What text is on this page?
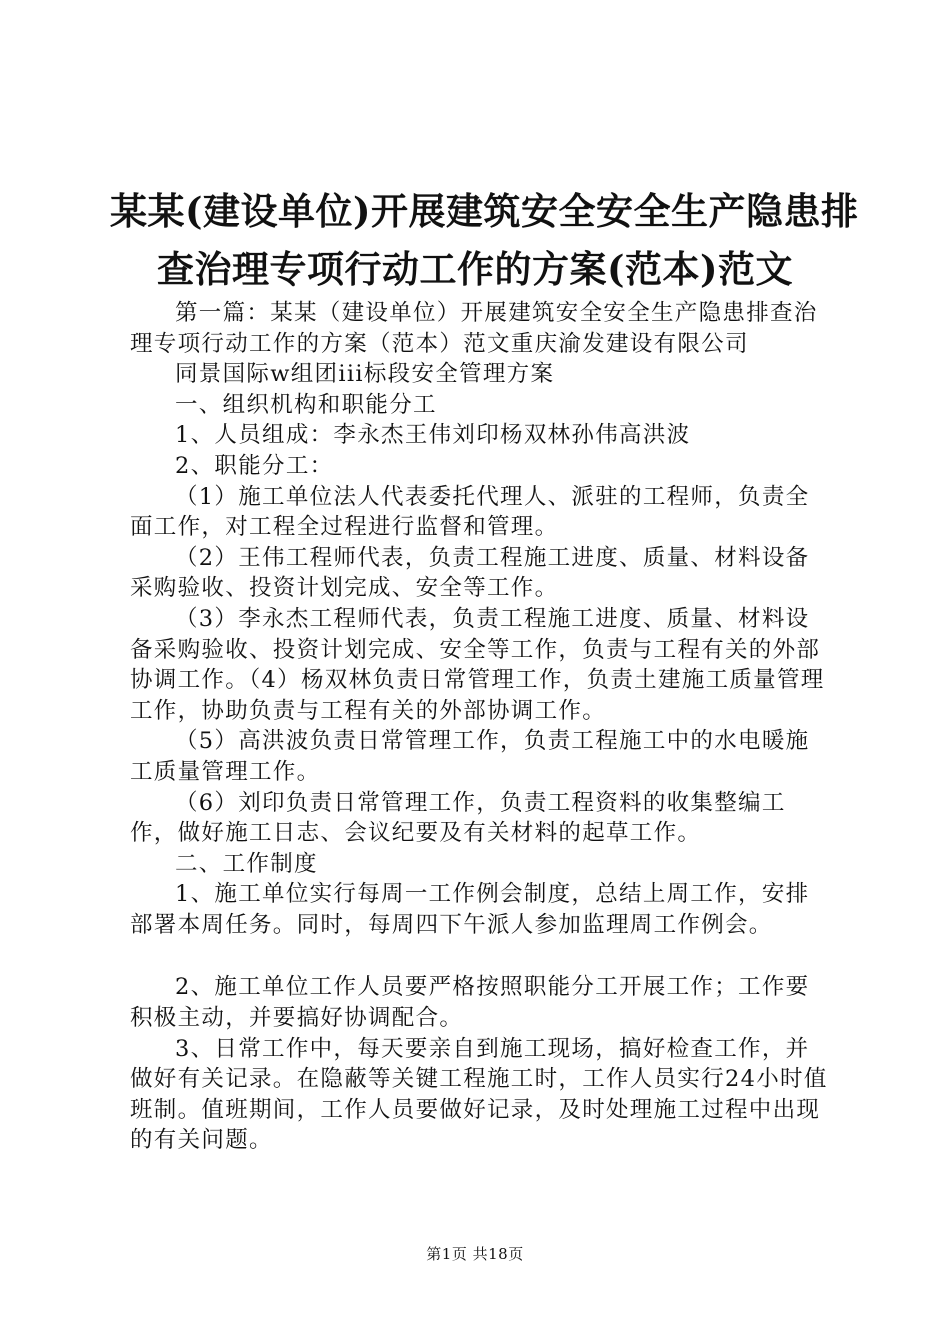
某某(建设单位)开展建筑安全安全生产隐患排
查治理专项行动工作的方案(范本)范文

第一篇：某某（建设单位）开展建筑安全安全生产隐患排查治理专项行动工作的方案（范本）范文重庆渝发建设有限公司

同景国际w组团iii标段安全管理方案

一、组织机构和职能分工

1、人员组成：李永杰王伟刘印杨双林孙伟高洪波

2、职能分工：

（1）施工单位法人代表委托代理人、派驻的工程师，负责全面工作，对工程全过程进行监督和管理。

（2）王伟工程师代表，负责工程施工进度、质量、材料设备采购验收、投资计划完成、安全等工作。

（3）李永杰工程师代表，负责工程施工进度、质量、材料设备采购验收、投资计划完成、安全等工作，负责与工程有关的外部协调工作。（4）杨双林负责日常管理工作，负责土建施工质量管理工作，协助负责与工程有关的外部协调工作。

（5）高洪波负责日常管理工作，负责工程施工中的水电暖施工质量管理工作。

（6）刘印负责日常管理工作，负责工程资料的收集整编工作，做好施工日志、会议纪要及有关材料的起草工作。

二、工作制度

1、施工单位实行每周一工作例会制度，总结上周工作，安排部署本周任务。同时，每周四下午派人参加监理周工作例会。

2、施工单位工作人员要严格按照职能分工开展工作；工作要积极主动，并要搞好协调配合。

3、日常工作中，每天要亲自到施工现场，搞好检查工作，并做好有关记录。在隐蔽等关键工程施工时，工作人员实行24小时值班制。值班期间，工作人员要做好记录，及时处理施工过程中出现的有关问题。

第1页 共18页
